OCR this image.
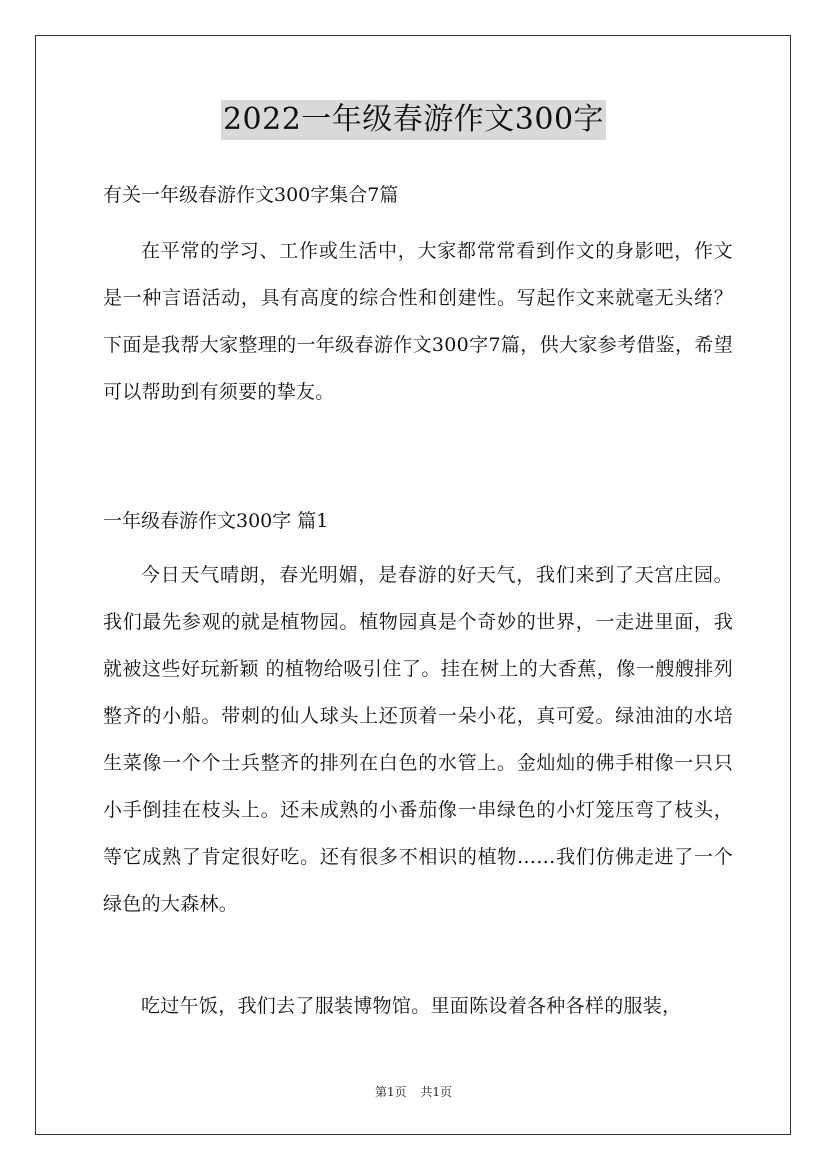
2022一年级春游作文300字

有关一年级春游作文300字集合7篇

在平常的学习、工作或生活中，大家都常常看到作文的身影吧，作文是一种言语活动，具有高度的综合性和创建性。写起作文来就毫无头绪？下面是我帮大家整理的一年级春游作文300字7篇，供大家参考借鉴，希望可以帮助到有须要的挚友。

一年级春游作文300字 篇1

今日天气晴朗，春光明媚，是春游的好天气，我们来到了天宫庄园。我们最先参观的就是植物园。植物园真是个奇妙的世界，一走进里面，我就被这些好玩新颖 的植物给吸引住了。挂在树上的大香蕉，像一艘艘排列整齐的小船。带刺的仙人球头上还顶着一朵小花，真可爱。绿油油的水培生菜像一个个士兵整齐的排列在白色的水管上。金灿灿的佛手柑像一只只小手倒挂在枝头上。还未成熟的小番茄像一串绿色的小灯笼压弯了枝头，等它成熟了肯定很好吃。还有很多不相识的植物……我们仿佛走进了一个绿色的大森林。

吃过午饭，我们去了服装博物馆。里面陈设着各种各样的服装，

第1页 共1页
